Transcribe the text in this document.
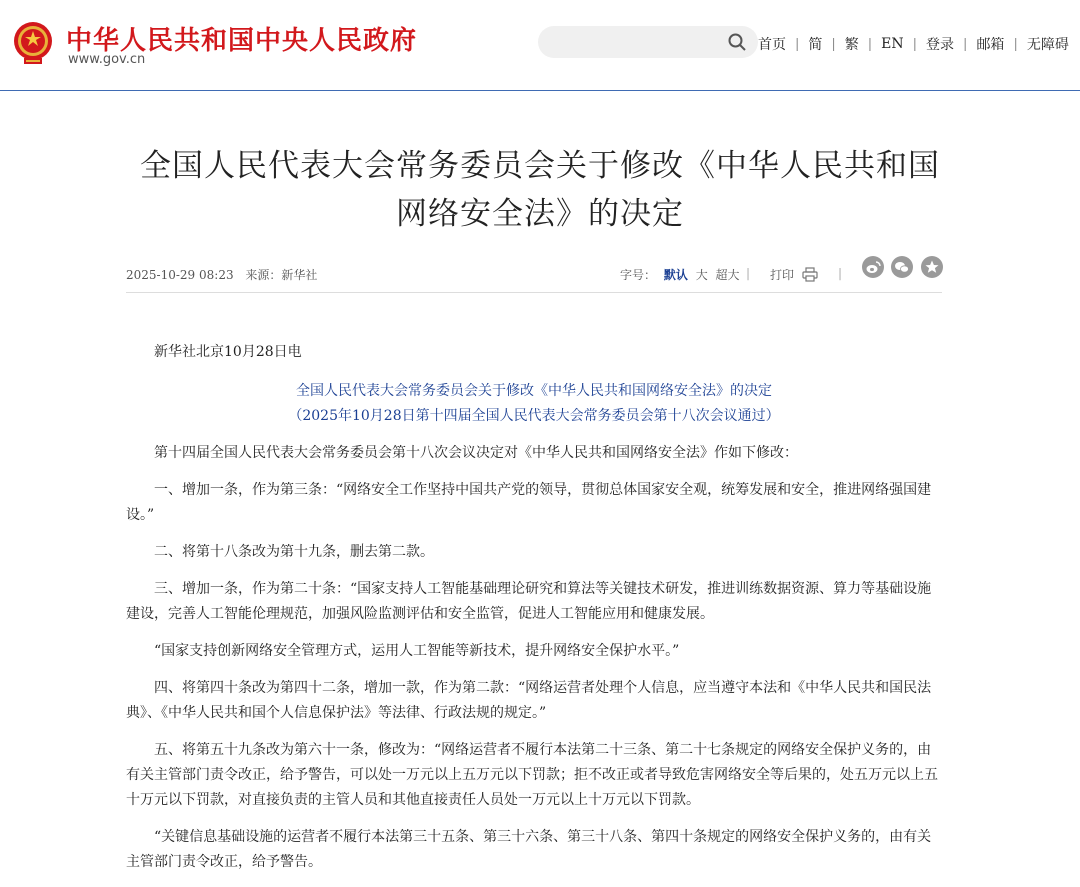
中华人民共和国中央人民政府
www.gov.cn
首页 | 简 | 繁 | EN | 登录 | 邮箱 | 无障碍
全国人民代表大会常务委员会关于修改《中华人民共和国
网络安全法》的决定
2025-10-29 08:23 来源：新华社	字号： 默认 大 超大 | 打印	|

新华社北京10月28日电

全国人民代表大会常务委员会关于修改《中华人民共和国网络安全法》的决定

（2025年10月28日第十四届全国人民代表大会常务委员会第十八次会议通过）

第十四届全国人民代表大会常务委员会第十八次会议决定对《中华人民共和国网络安全法》作如下修改：

一、增加一条，作为第三条：“网络安全工作坚持中国共产党的领导，贯彻总体国家安全观，统筹发展和安全，推进网络强国建设。”

二、将第十八条改为第十九条，删去第二款。

三、增加一条，作为第二十条：“国家支持人工智能基础理论研究和算法等关键技术研发，推进训练数据资源、算力等基础设施建设，完善人工智能伦理规范，加强风险监测评估和安全监管，促进人工智能应用和健康发展。

“国家支持创新网络安全管理方式，运用人工智能等新技术，提升网络安全保护水平。”

四、将第四十条改为第四十二条，增加一款，作为第二款：“网络运营者处理个人信息，应当遵守本法和《中华人民共和国民法典》、《中华人民共和国个人信息保护法》等法律、行政法规的规定。”

五、将第五十九条改为第六十一条，修改为：“网络运营者不履行本法第二十三条、第二十七条规定的网络安全保护义务的，由有关主管部门责令改正，给予警告，可以处一万元以上五万元以下罚款；拒不改正或者导致危害网络安全等后果的，处五万元以上五十万元以下罚款，对直接负责的主管人员和其他直接责任人员处一万元以上十万元以下罚款。

“关键信息基础设施的运营者不履行本法第三十五条、第三十六条、第三十八条、第四十条规定的网络安全保护义务的，由有关主管部门责令改正，给予警告。
